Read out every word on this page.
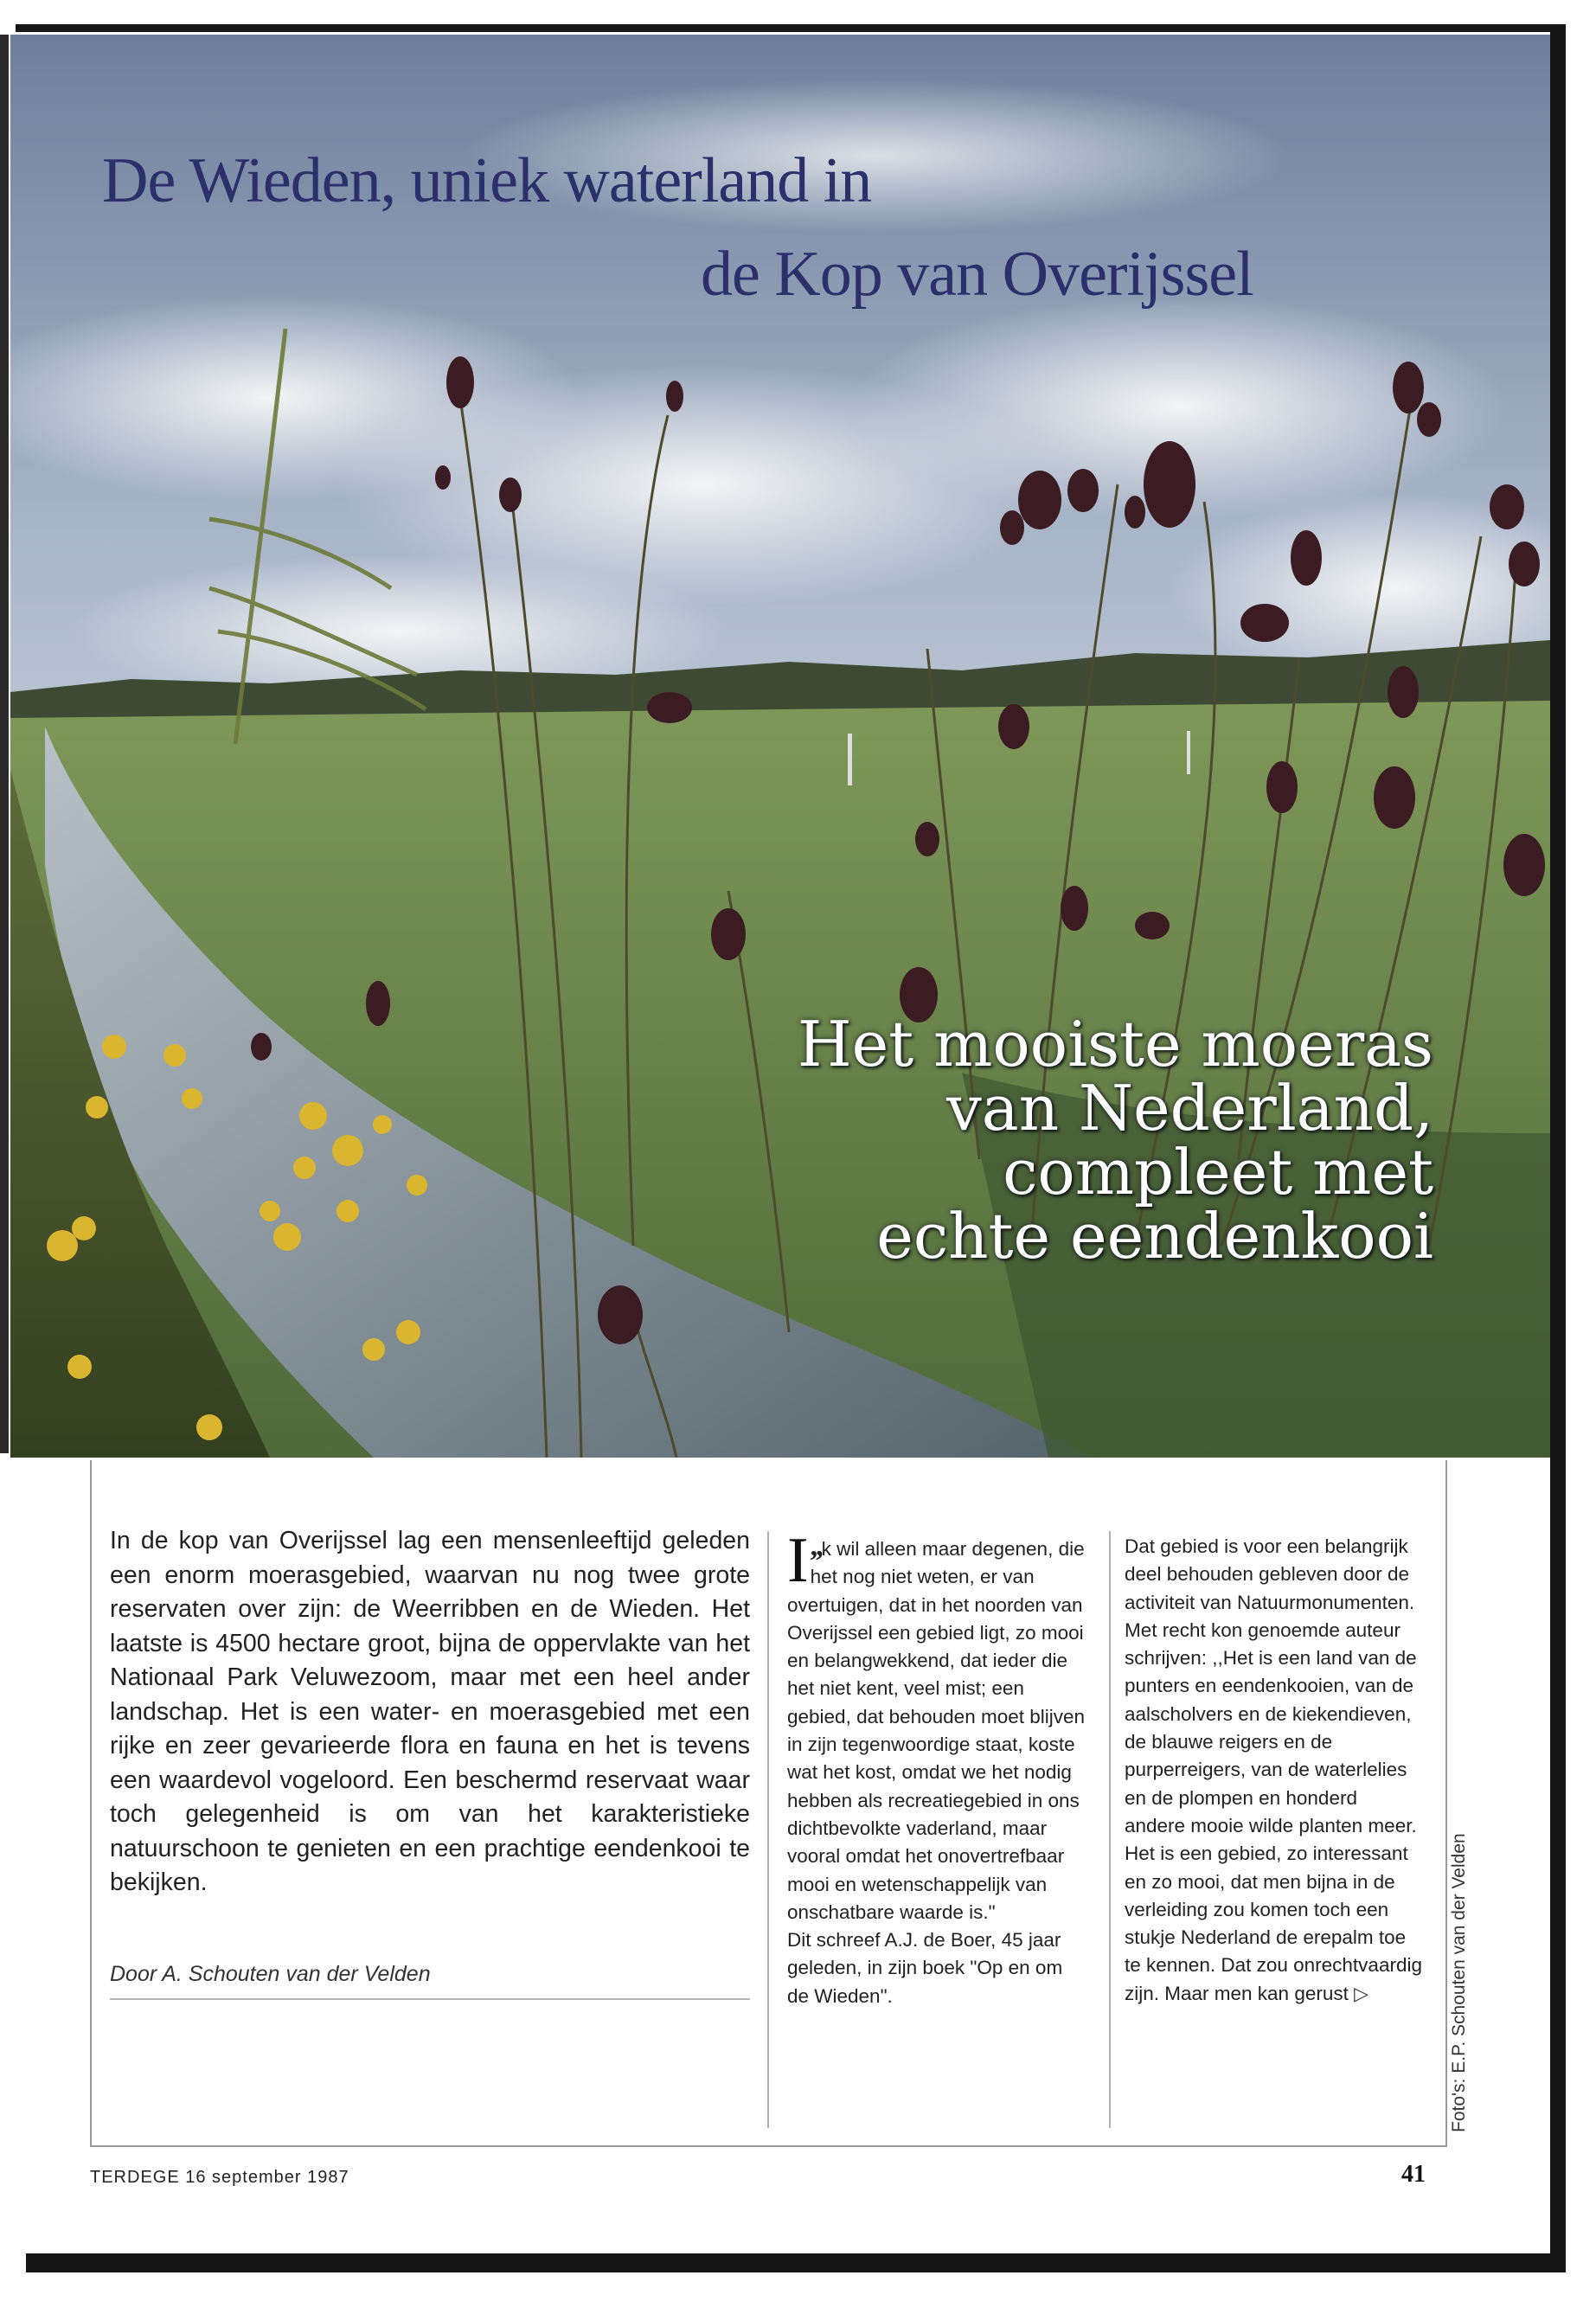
De Wieden, uniek waterland in
de Kop van Overijssel
Het mooiste moeras
van Nederland,
compleet met
echte eendenkooi

In de kop van Overijssel lag een mensenleeftijd geleden een enorm moerasgebied, waarvan nu nog twee grote reservaten over zijn: de Weerribben en de Wieden. Het laatste is 4500 hectare groot, bijna de oppervlakte van het Nationaal Park Veluwezoom, maar met een heel ander landschap. Het is een water- en moerasgebied met een rijke en zeer gevarieerde flora en fauna en het is tevens een waardevol vogeloord. Een beschermd reservaat waar toch gelegenheid is om van het karakteristieke natuurschoon te genieten en een prachtige eendenkooi te bekijken.

Door A. Schouten van der Velden

,,
I k wil alleen maar degenen, die het nog niet weten, er van overtuigen, dat in het noorden van Overijssel een gebied ligt, zo mooi en belangwekkend, dat ieder die het niet kent, veel mist; een gebied, dat behouden moet blijven in zijn tegenwoordige staat, koste wat het kost, omdat we het nodig hebben als recreatiegebied in ons dichtbevolkte vaderland, maar vooral omdat het onovertrefbaar mooi en wetenschappelijk van onschatbare waarde is."

Dit schreef A.J. de Boer, 45 jaar geleden, in zijn boek "Op en om de Wieden".

Dat gebied is voor een belangrijk deel behouden gebleven door de activiteit van Natuurmonumenten. Met recht kon genoemde auteur schrijven: ,,Het is een land van de punters en eendenkooien, van de aalscholvers en de kiekendieven, de blauwe reigers en de purperreigers, van de waterlelies en de plompen en honderd andere mooie wilde planten meer. Het is een gebied, zo interessant en zo mooi, dat men bijna in de verleiding zou komen toch een stukje Nederland de erepalm toe te kennen. Dat zou onrechtvaardig zijn. Maar men kan gerust ▷	Foto's: E.P. Schouten van der Velden

TERDEGE 16 september 1987	41
